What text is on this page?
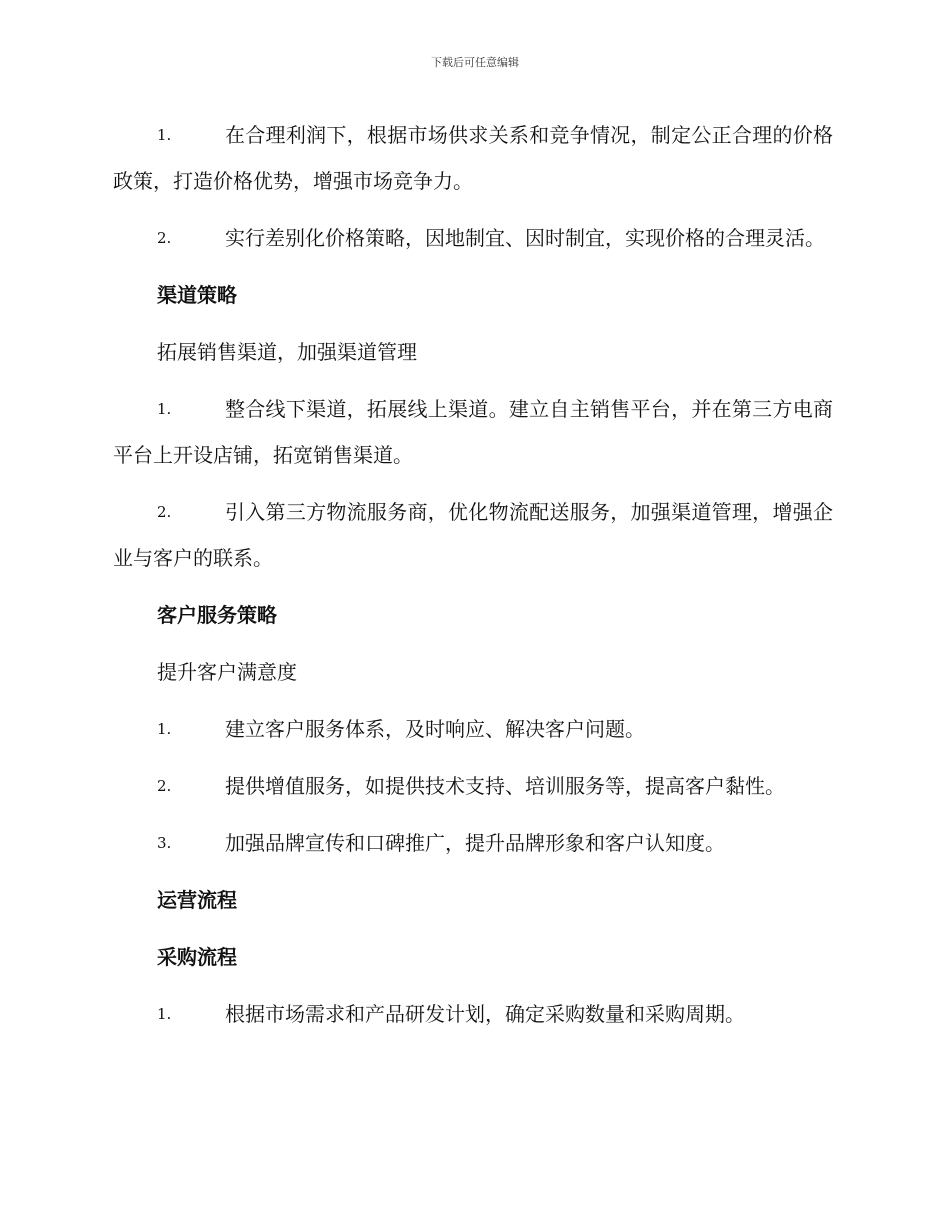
下载后可任意编辑
1.	在合理利润下，根据市场供求关系和竞争情况，制定公正合理的价格政策，打造价格优势，增强市场竞争力。
2.	实行差别化价格策略，因地制宜、因时制宜，实现价格的合理灵活。
渠道策略
拓展销售渠道，加强渠道管理
1.	整合线下渠道，拓展线上渠道。建立自主销售平台，并在第三方电商平台上开设店铺，拓宽销售渠道。
2.	引入第三方物流服务商，优化物流配送服务，加强渠道管理，增强企业与客户的联系。
客户服务策略
提升客户满意度
1.	建立客户服务体系，及时响应、解决客户问题。
2.	提供增值服务，如提供技术支持、培训服务等，提高客户黏性。
3.	加强品牌宣传和口碑推广，提升品牌形象和客户认知度。
运营流程
采购流程
1.	根据市场需求和产品研发计划，确定采购数量和采购周期。
